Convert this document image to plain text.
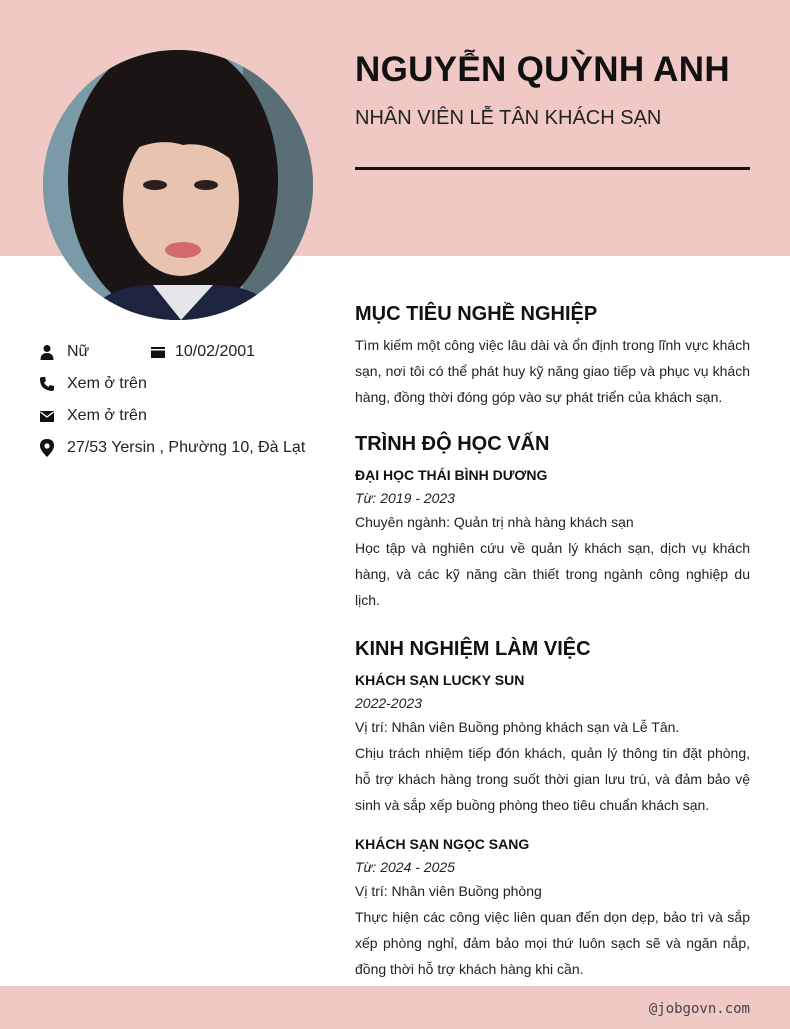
NGUYỄN QUỲNH ANH
NHÂN VIÊN LỄ TÂN KHÁCH SẠN
Nữ	10/02/2001
Xem ở trên
Xem ở trên
27/53 Yersin , Phường 10, Đà Lạt
MỤC TIÊU NGHỀ NGHIỆP

Tìm kiếm một công việc lâu dài và ổn định trong lĩnh vực khách sạn, nơi tôi có thể phát huy kỹ năng giao tiếp và phục vụ khách hàng, đồng thời đóng góp vào sự phát triển của khách sạn.

TRÌNH ĐỘ HỌC VẤN

ĐẠI HỌC THÁI BÌNH DƯƠNG

Từ: 2019 - 2023

Chuyên ngành: Quản trị nhà hàng khách sạn

Học tập và nghiên cứu về quản lý khách sạn, dịch vụ khách hàng, và các kỹ năng cần thiết trong ngành công nghiệp du lịch.

KINH NGHIỆM LÀM VIỆC

KHÁCH SẠN LUCKY SUN

2022-2023

Vị trí: Nhân viên Buồng phòng khách sạn và Lễ Tân.

Chịu trách nhiệm tiếp đón khách, quản lý thông tin đặt phòng, hỗ trợ khách hàng trong suốt thời gian lưu trú, và đảm bảo vệ sinh và sắp xếp buồng phòng theo tiêu chuẩn khách sạn.

KHÁCH SẠN NGỌC SANG

Từ: 2024 - 2025

Vị trí: Nhân viên Buồng phòng

Thực hiện các công việc liên quan đến dọn dẹp, bảo trì và sắp xếp phòng nghỉ, đảm bảo mọi thứ luôn sạch sẽ và ngăn nắp, đồng thời hỗ trợ khách hàng khi cần.

@jobgovn.com
